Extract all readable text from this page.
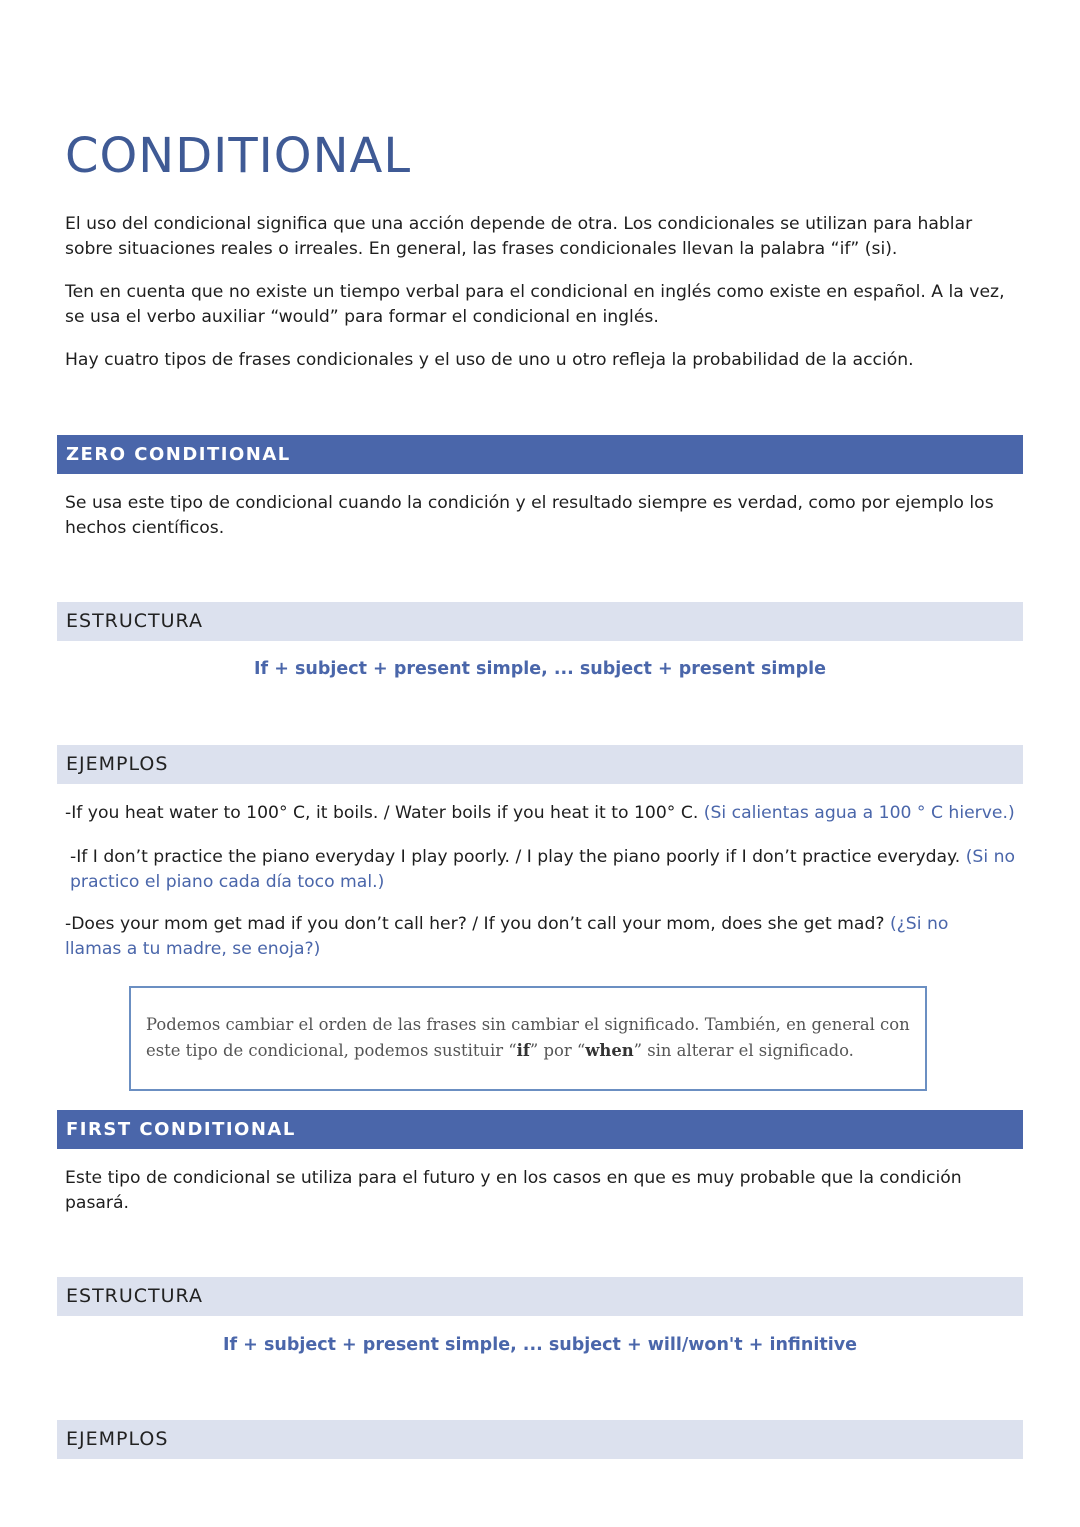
CONDITIONAL

El uso del condicional significa que una acción depende de otra. Los condicionales se utilizan para hablar sobre situaciones reales o irreales. En general, las frases condicionales llevan la palabra “if” (si).

Ten en cuenta que no existe un tiempo verbal para el condicional en inglés como existe en español. A la vez, se usa el verbo auxiliar “would” para formar el condicional en inglés.

Hay cuatro tipos de frases condicionales y el uso de uno u otro refleja la probabilidad de la acción.

ZERO CONDITIONAL

Se usa este tipo de condicional cuando la condición y el resultado siempre es verdad, como por ejemplo los hechos científicos.

ESTRUCTURA
If + subject + present simple, ... subject + present simple
EJEMPLOS

-If you heat water to 100° C, it boils. / Water boils if you heat it to 100° C. (Si calientas agua a 100 ° C hierve.)

-If I don’t practice the piano everyday I play poorly. / I play the piano poorly if I don’t practice everyday. (Si no practico el piano cada día toco mal.)

-Does your mom get mad if you don’t call her? / If you don’t call your mom, does she get mad? (¿Si no llamas a tu madre, se enoja?)

Podemos cambiar el orden de las frases sin cambiar el significado. También, en general con este tipo de condicional, podemos sustituir “if” por “when” sin alterar el significado.
FIRST CONDITIONAL

Este tipo de condicional se utiliza para el futuro y en los casos en que es muy probable que la condición pasará.

ESTRUCTURA
If + subject + present simple, ... subject + will/won't + infinitive
EJEMPLOS
